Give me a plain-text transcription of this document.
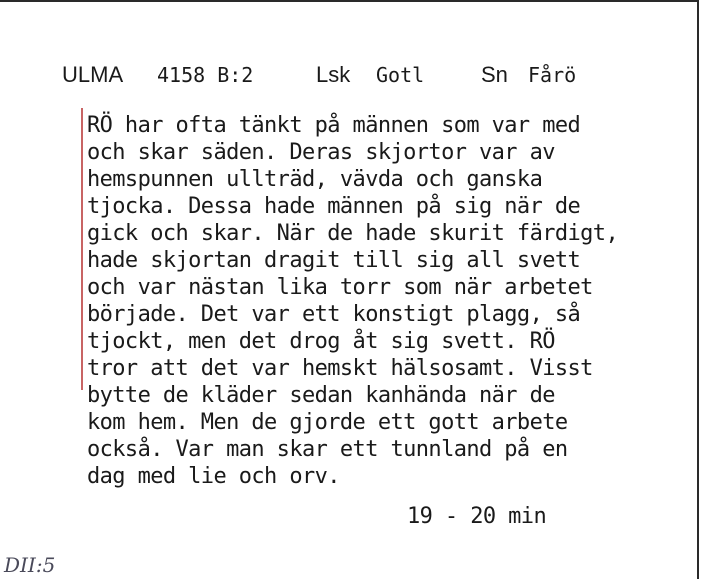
ULMA 4158 B:2	Lsk Gotl	Sn Fårö
RÖ har ofta tänkt på männen som var med
och skar säden. Deras skjortor var av
hemspunnen ullträd, vävda och ganska
tjocka. Dessa hade männen på sig när de
gick och skar. När de hade skurit färdigt,
hade skjortan dragit till sig all svett
och var nästan lika torr som när arbetet
började. Det var ett konstigt plagg, så
tjockt, men det drog åt sig svett. RÖ
tror att det var hemskt hälsosamt. Visst
bytte de kläder sedan kanhända när de
kom hem. Men de gjorde ett gott arbete
också. Var man skar ett tunnland på en
dag med lie och orv.
19 - 20 min
DII:5
